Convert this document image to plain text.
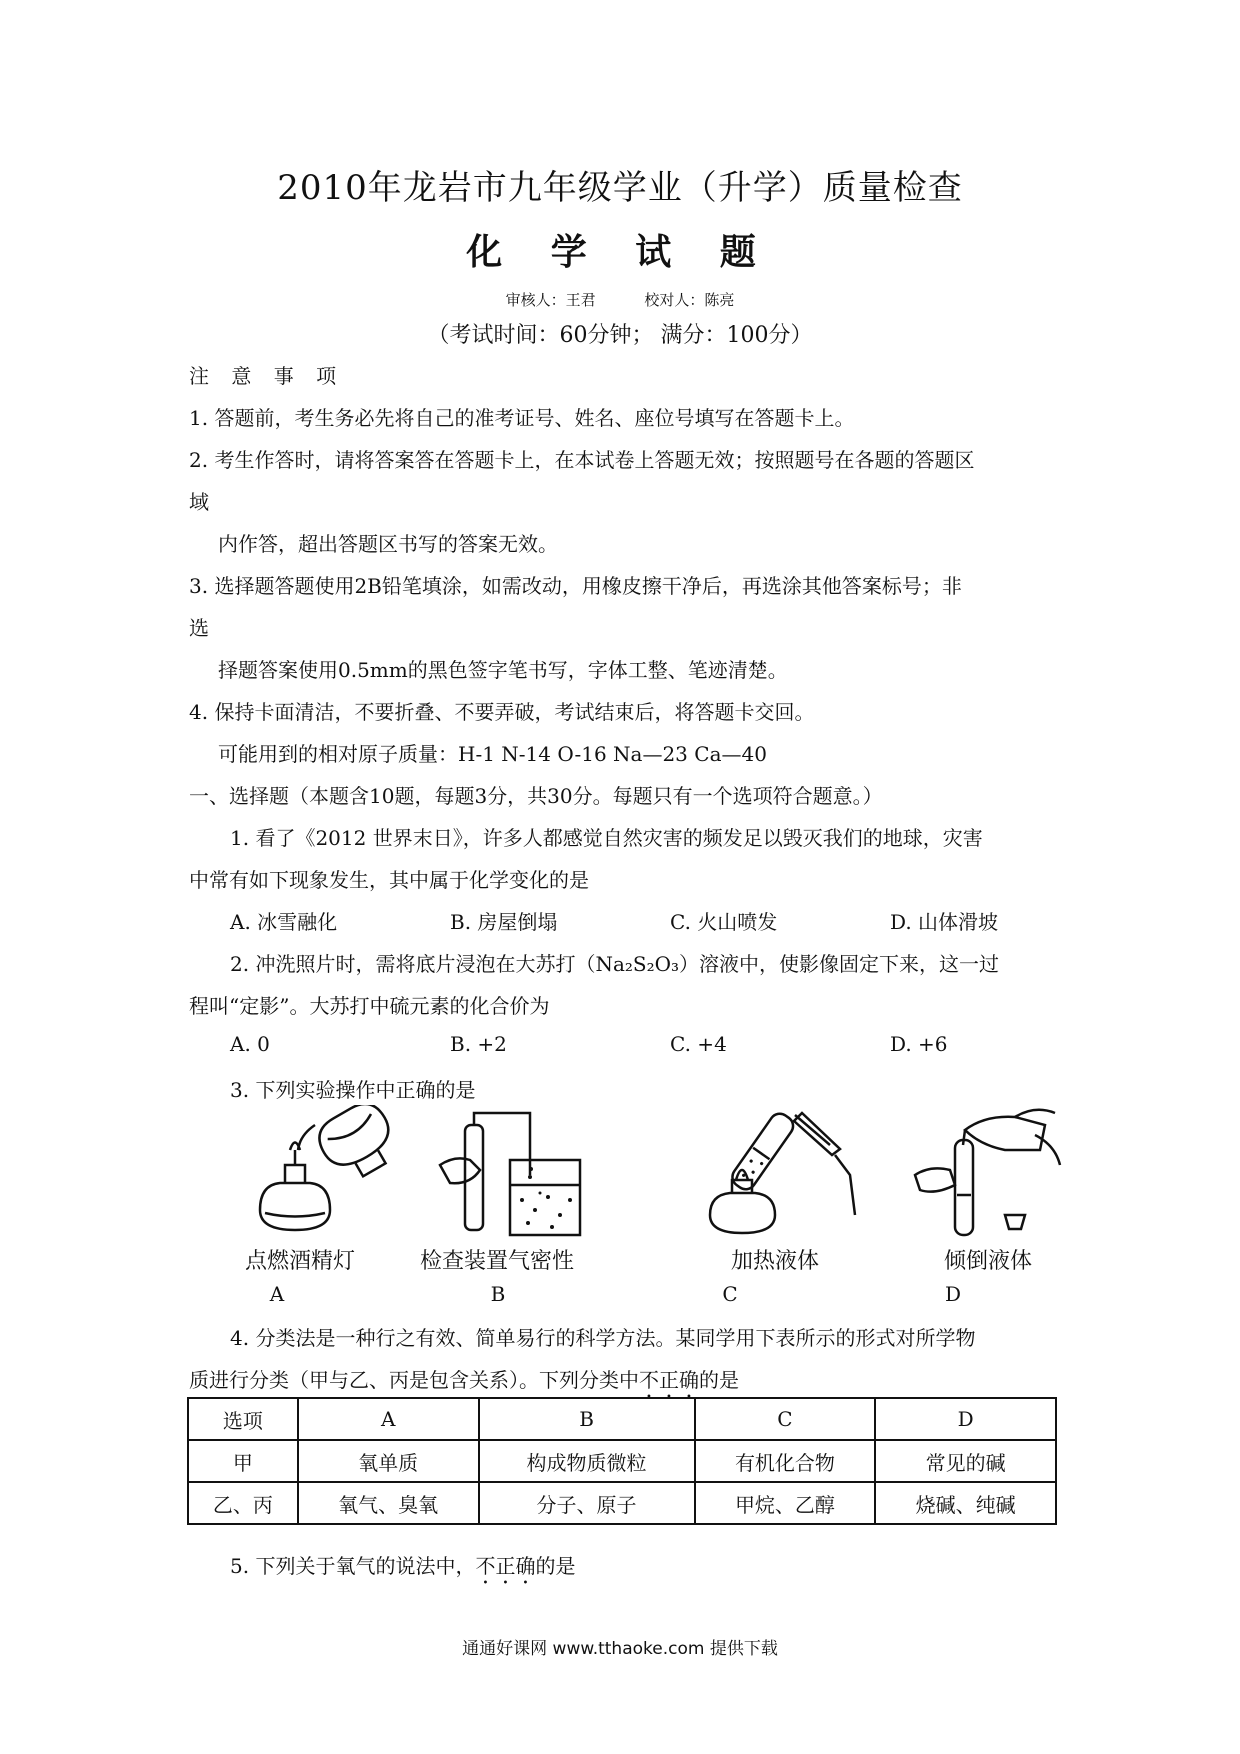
2010年龙岩市九年级学业（升学）质量检查
化 学 试 题
审核人：王君	校对人：陈亮
（考试时间：60分钟； 满分：100分）
注 意 事 项
1. 答题前，考生务必先将自己的准考证号、姓名、座位号填写在答题卡上。
2. 考生作答时，请将答案答在答题卡上，在本试卷上答题无效；按照题号在各题的答题区
域
内作答，超出答题区书写的答案无效。
3. 选择题答题使用2B铅笔填涂，如需改动，用橡皮擦干净后，再选涂其他答案标号；非
选
择题答案使用0.5mm的黑色签字笔书写，字体工整、笔迹清楚。
4. 保持卡面清洁，不要折叠、不要弄破，考试结束后，将答题卡交回。
可能用到的相对原子质量：H-1 N-14 O-16 Na—23 Ca—40
一、选择题（本题含10题，每题3分，共30分。每题只有一个选项符合题意。）
1. 看了《2012 世界末日》，许多人都感觉自然灾害的频发足以毁灭我们的地球，灾害
中常有如下现象发生，其中属于化学变化的是
A. 冰雪融化	B. 房屋倒塌	C. 火山喷发	D. 山体滑坡
2. 冲洗照片时，需将底片浸泡在大苏打（Na₂S₂O₃）溶液中，使影像固定下来，这一过
程叫“定影”。大苏打中硫元素的化合价为
A. 0	B. +2	C. +4	D. +6
3. 下列实验操作中正确的是
点燃酒精灯
A
检查装置气密性
B
加热液体
C
倾倒液体
D
4. 分类法是一种行之有效、简单易行的科学方法。某同学用下表所示的形式对所学物
质进行分类（甲与乙、丙是包含关系）。下列分类中不正确的是
选项	A	B	C	D
甲	氧单质	构成物质微粒	有机化合物	常见的碱
乙、丙	氧气、臭氧	分子、原子	甲烷、乙醇	烧碱、纯碱
5. 下列关于氧气的说法中，不正确的是
通通好课网 www.tthaoke.com 提供下载
